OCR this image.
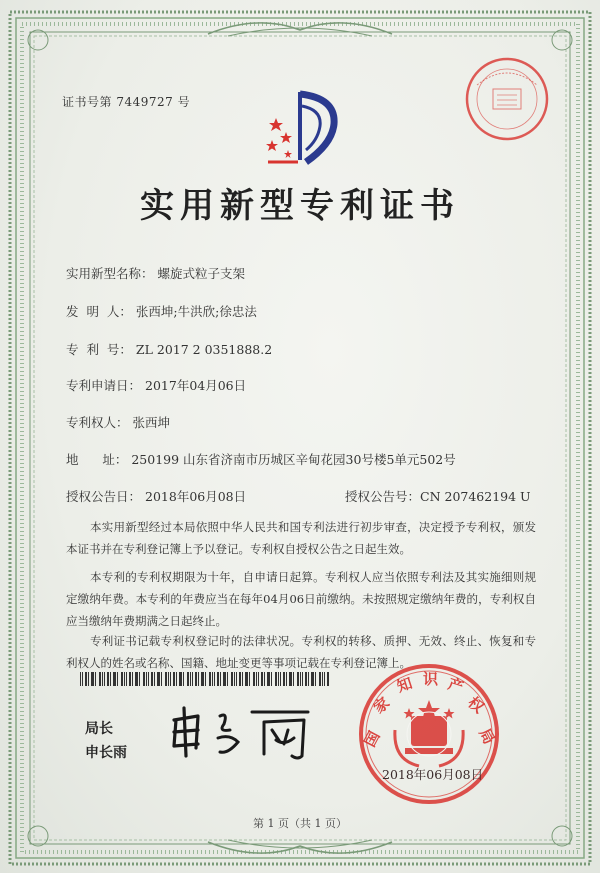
证书号第 7449727 号
实用新型专利证书
实用新型名称： 螺旋式粒子支架
发  明  人： 张西坤;牛洪欣;徐忠法
专  利  号： ZL 2017 2 0351888.2
专利申请日： 2017年04月06日
专利权人： 张西坤
地      址： 250199 山东省济南市历城区辛甸花园30号楼5单元502号
授权公告日： 2018年06月08日	授权公告号：CN 207462194 U
本实用新型经过本局依照中华人民共和国专利法进行初步审查，决定授予专利权，颁发本证书并在专利登记簿上予以登记。专利权自授权公告之日起生效。
本专利的专利权期限为十年，自申请日起算。专利权人应当依照专利法及其实施细则规定缴纳年费。本专利的年费应当在每年04月06日前缴纳。未按照规定缴纳年费的，专利权自应当缴纳年费期满之日起终止。
专利证书记载专利权登记时的法律状况。专利权的转移、质押、无效、终止、恢复和专利权人的姓名或名称、国籍、地址变更等事项记载在专利登记簿上。
局长
申长雨
国
家
知 识 产
权
局
2018年06月08日
第 1 页（共 1 页）
